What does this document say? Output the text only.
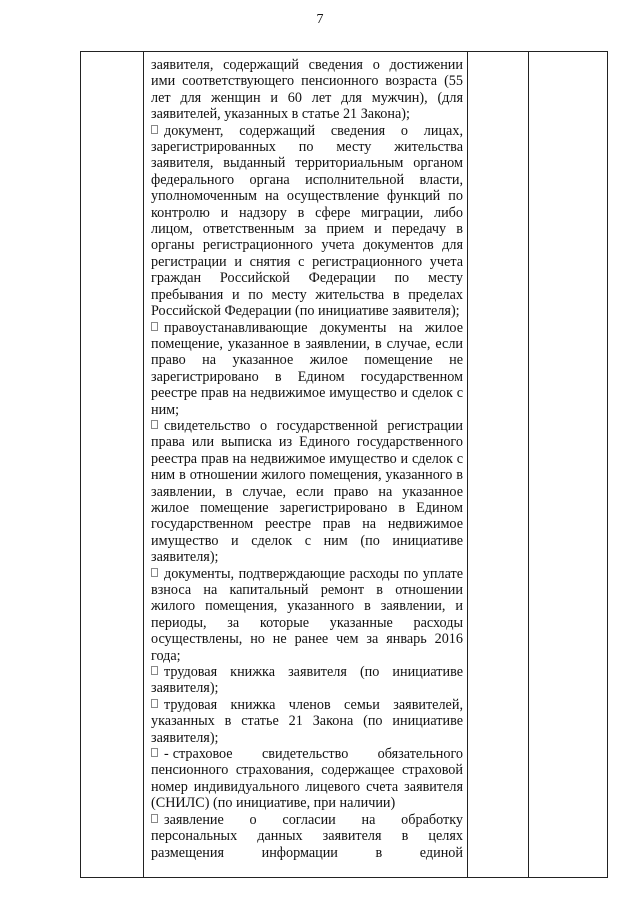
7

заявителя, содержащий сведения о достижении ими соответствующего пенсионного возраста (55 лет для женщин и 60 лет для мужчин), (для заявителей, указанных в статье 21 Закона);

документ, содержащий сведения о лицах, зарегистрированных по месту жительства заявителя, выданный территориальным органом федерального органа исполнительной власти, уполномоченным на осуществление функций по контролю и надзору в сфере миграции, либо лицом, ответственным за прием и передачу в органы регистрационного учета документов для регистрации и снятия с регистрационного учета граждан Российской Федерации по месту пребывания и по месту жительства в пределах Российской Федерации (по инициативе заявителя);

правоустанавливающие документы на жилое помещение, указанное в заявлении, в случае, если право на указанное жилое помещение не зарегистрировано в Едином государственном реестре прав на недвижимое имущество и сделок с ним;

свидетельство о государственной регистрации права или выписка из Единого государственного реестра прав на недвижимое имущество и сделок с ним в отношении жилого помещения, указанного в заявлении, в случае, если право на указанное жилое помещение зарегистрировано в Едином государственном реестре прав на недвижимое имущество и сделок с ним (по инициативе заявителя);

документы, подтверждающие расходы по уплате взноса на капитальный ремонт в отношении жилого помещения, указанного в заявлении, и периоды, за которые указанные расходы осуществлены, но не ранее чем за январь 2016 года;

трудовая книжка заявителя (по инициативе заявителя);

трудовая книжка членов семьи заявителей, указанных в статье 21 Закона (по инициативе заявителя);

- страховое свидетельство обязательного пенсионного страхования, содержащее страховой номер индивидуального лицевого счета заявителя (СНИЛС) (по инициативе, при наличии)

заявление о согласии на обработку персональных данных заявителя в целях размещения информации в единой
